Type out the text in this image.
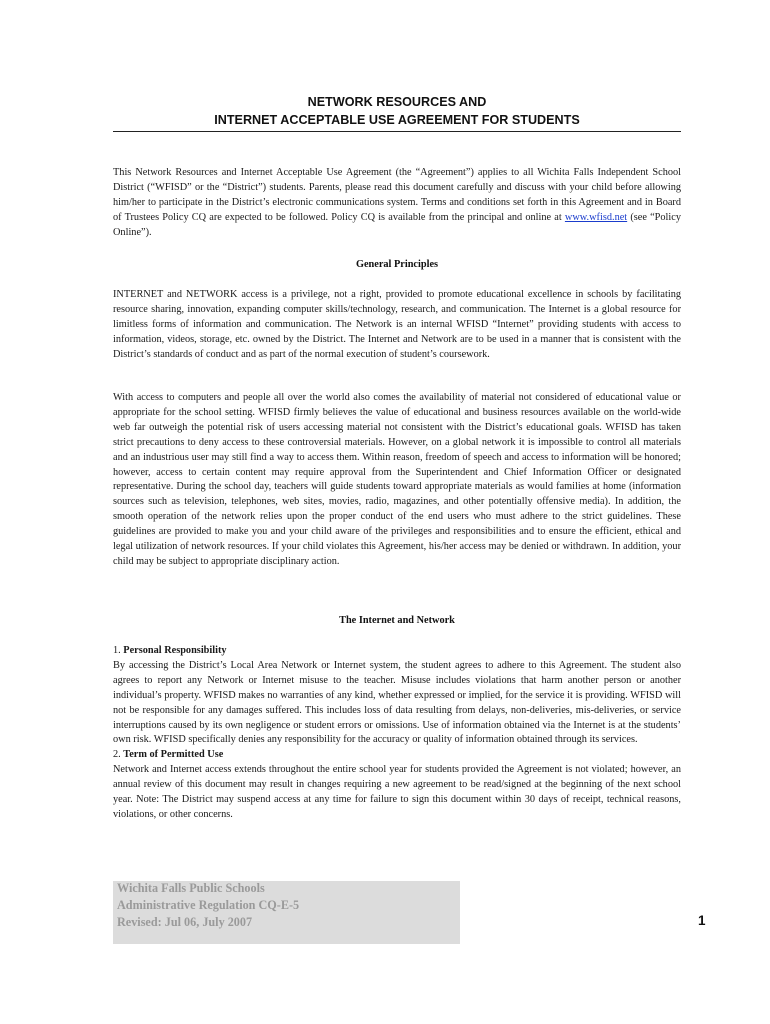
NETWORK RESOURCES AND
INTERNET ACCEPTABLE USE AGREEMENT FOR STUDENTS

This Network Resources and Internet Acceptable Use Agreement (the “Agreement”) applies to all Wichita Falls Independent School District (“WFISD” or the “District”) students. Parents, please read this document carefully and discuss with your child before allowing him/her to participate in the District’s electronic communications system. Terms and conditions set forth in this Agreement and in Board of Trustees Policy CQ are expected to be followed. Policy CQ is available from the principal and online at www.wfisd.net (see “Policy Online”).

General Principles

INTERNET and NETWORK access is a privilege, not a right, provided to promote educational excellence in schools by facilitating resource sharing, innovation, expanding computer skills/technology, research, and communication. The Internet is a global resource for limitless forms of information and communication. The Network is an internal WFISD “Internet” providing students with access to information, videos, storage, etc. owned by the District. The Internet and Network are to be used in a manner that is consistent with the District’s standards of conduct and as part of the normal execution of student’s coursework.

With access to computers and people all over the world also comes the availability of material not considered of educational value or appropriate for the school setting. WFISD firmly believes the value of educational and business resources available on the world-wide web far outweigh the potential risk of users accessing material not consistent with the District’s educational goals. WFISD has taken strict precautions to deny access to these controversial materials. However, on a global network it is impossible to control all materials and an industrious user may still find a way to access them. Within reason, freedom of speech and access to information will be honored; however, access to certain content may require approval from the Superintendent and Chief Information Officer or designated representative. During the school day, teachers will guide students toward appropriate materials as would families at home (information sources such as television, telephones, web sites, movies, radio, magazines, and other potentially offensive media). In addition, the smooth operation of the network relies upon the proper conduct of the end users who must adhere to the strict guidelines. These guidelines are provided to make you and your child aware of the privileges and responsibilities and to ensure the efficient, ethical and legal utilization of network resources. If your child violates this Agreement, his/her access may be denied or withdrawn. In addition, your child may be subject to appropriate disciplinary action.

The Internet and Network

1. Personal Responsibility
By accessing the District’s Local Area Network or Internet system, the student agrees to adhere to this Agreement. The student also agrees to report any Network or Internet misuse to the teacher. Misuse includes violations that harm another person or another individual’s property. WFISD makes no warranties of any kind, whether expressed or implied, for the service it is providing. WFISD will not be responsible for any damages suffered. This includes loss of data resulting from delays, non-deliveries, mis-deliveries, or service interruptions caused by its own negligence or student errors or omissions. Use of information obtained via the Internet is at the students’ own risk. WFISD specifically denies any responsibility for the accuracy or quality of information obtained through its services.
2. Term of Permitted Use
Network and Internet access extends throughout the entire school year for students provided the Agreement is not violated; however, an annual review of this document may result in changes requiring a new agreement to be read/signed at the beginning of the next school year. Note: The District may suspend access at any time for failure to sign this document within 30 days of receipt, technical reasons, violations, or other concerns.

Wichita Falls Public Schools
Administrative Regulation CQ-E-5
Revised: Jul 06, July 2007	1
